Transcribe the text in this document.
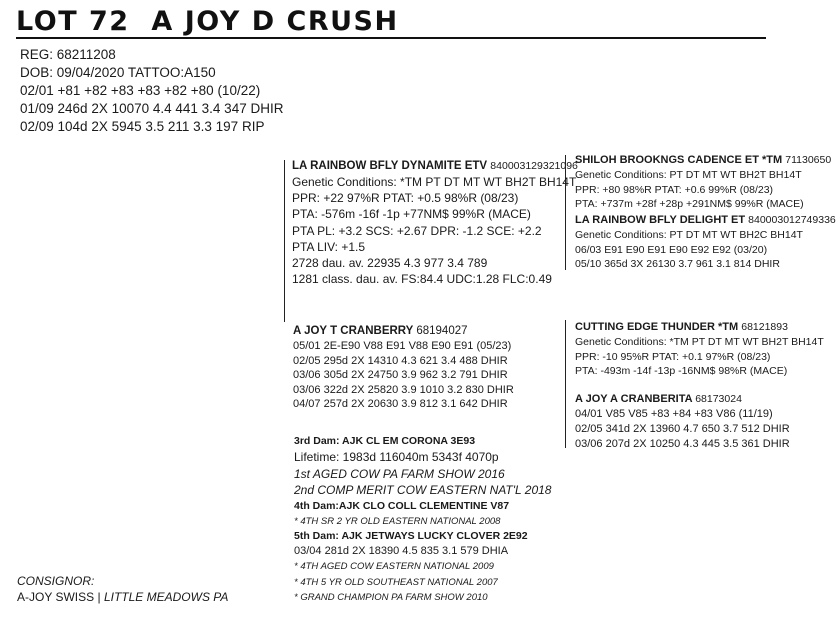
LOT 72 A JOY D CRUSH
REG: 68211208
DOB: 09/04/2020 TATTOO:A150
02/01 +81 +82 +83 +83 +82 +80 (10/22)
01/09 246d 2X 10070 4.4 441 3.4 347 DHIR
02/09 104d 2X 5945 3.5 211 3.3 197 RIP
LA RAINBOW BFLY DYNAMITE ETV 840003129321096
Genetic Conditions: *TM PT DT MT WT BH2T BH14T
PPR: +22 97%R PTAT: +0.5 98%R (08/23)
PTA: -576m -16f -1p +77NM$ 99%R (MACE)
PTA PL: +3.2 SCS: +2.67 DPR: -1.2 SCE: +2.2
PTA LIV: +1.5
2728 dau. av. 22935 4.3 977 3.4 789
1281 class. dau. av. FS:84.4 UDC:1.28 FLC:0.49
SHILOH BROOKNGS CADENCE ET *TM 71130650
Genetic Conditions: PT DT MT WT BH2T BH14T
PPR: +80 98%R PTAT: +0.6 99%R (08/23)
PTA: +737m +28f +28p +291NM$ 99%R (MACE)
LA RAINBOW BFLY DELIGHT ET 840003012749336
Genetic Conditions: PT DT MT WT BH2C BH14T
06/03 E91 E90 E91 E90 E92 E92 (03/20)
05/10 365d 3X 26130 3.7 961 3.1 814 DHIR
A JOY T CRANBERRY 68194027
05/01 2E-E90 V88 E91 V88 E90 E91 (05/23)
02/05 295d 2X 14310 4.3 621 3.4 488 DHIR
03/06 305d 2X 24750 3.9 962 3.2 791 DHIR
03/06 322d 2X 25820 3.9 1010 3.2 830 DHIR
04/07 257d 2X 20630 3.9 812 3.1 642 DHIR
CUTTING EDGE THUNDER *TM 68121893
Genetic Conditions: *TM PT DT MT WT BH2T BH14T
PPR: -10 95%R PTAT: +0.1 97%R (08/23)
PTA: -493m -14f -13p -16NM$ 98%R (MACE)
A JOY A CRANBERITA 68173024
04/01 V85 V85 +83 +84 +83 V86 (11/19)
02/05 341d 2X 13960 4.7 650 3.7 512 DHIR
03/06 207d 2X 10250 4.3 445 3.5 361 DHIR
3rd Dam: AJK CL EM CORONA 3E93
Lifetime: 1983d 116040m 5343f 4070p
1st AGED COW PA FARM SHOW 2016
2nd COMP MERIT COW EASTERN NAT'L 2018
4th Dam:AJK CLO COLL CLEMENTINE V87
* 4TH SR 2 YR OLD EASTERN NATIONAL 2008
5th Dam: AJK JETWAYS LUCKY CLOVER 2E92
03/04 281d 2X 18390 4.5 835 3.1 579 DHIA
* 4TH AGED COW EASTERN NATIONAL 2009
* 4TH 5 YR OLD SOUTHEAST NATIONAL 2007
* GRAND CHAMPION PA FARM SHOW 2010
CONSIGNOR:
A-JOY SWISS | LITTLE MEADOWS PA
